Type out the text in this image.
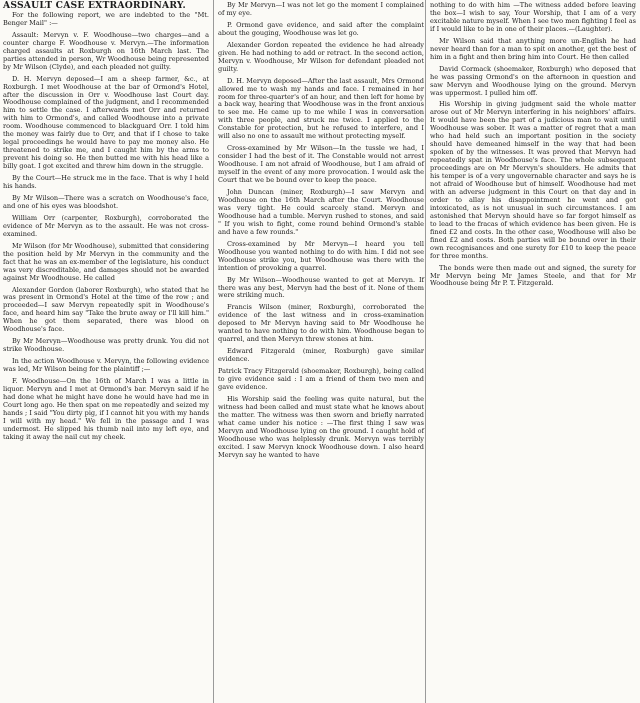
ASSAULT CASE EXTRAORDINARY.

For the following report, we are indebted to the "Mt. Benger Mail" :—

Assault: Mervyn v. F. Woodhouse—two charges—and a counter charge F. Woodhouse v. Mervyn.—The information charged assaults at Roxburgh on 16th March last. The parties attended in person, Wr Woodhouse being represented by Mr Wilson (Clyde), and each pleaded not guilty.

D. H. Mervyn deposed—I am a sheep farmer, &c., at Roxburgh. I met Woodhouse at the bar of Ormond's Hotel, after the discussion in Orr v. Woodhouse last Court day. Woodhouse complained of the judgment, and I recommended him to settle the case. I afterwards met Orr and returned with him to Ormond's, and called Woodhouse into a private room. Woodhouse commenced to blackguard Orr. I told him the money was fairly due to Orr, and that if I chose to take legal proceedings he would have to pay me money also. He threatened to strike me, and I caught him by the arms to prevent his doing so. He then butted me with his head like a billy goat. I got excited and threw him down in the struggle.

By the Court—He struck me in the face. That is why I held his hands.

By Mr Wilson—There was a scratch on Woodhouse's face, and one of his eyes was bloodshot.

William Orr (carpenter, Roxburgh), corroborated the evidence of Mr Mervyn as to the assault. He was not cross-examined.

Mr Wilson (for Mr Woodhouse), submitted that considering the position held by Mr Mervyn in the community and the fact that he was an ex-member of the legislature, his conduct was very discreditable, and damages should not be awarded against Mr Woodhouse. He called

Alexander Gordon (laborer Roxburgh), who stated that he was present in Ormond's Hotel at the time of the row ; and proceeded—I saw Mervyn repeatedly spit in Woodhouse's face, and heard him say "Take the brute away or I'll kill him." When he got them separated, there was blood on Woodhouse's face.

By Mr Mervyn—Woodhouse was pretty drunk. You did not strike Woodhouse.

In the action Woodhouse v. Mervyn, the following evidence was led, Mr Wilson being for the plaintiff ;—

F. Woodhouse—On the 16th of March I was a little in liquor. Mervyn and I met at Ormond's bar. Mervyn said if he had done what he might have done he would have had me in Court long ago. He then spat on me repeatedly and seized my hands ; I said "You dirty pig, if I cannot hit you with my hands I will with my head." We fell in the passage and I was undermost. He slipped his thumb nail into my left eye, and taking it away the nail cut my cheek.

By Mr Mervyn—I was not let go the moment I complained of my eye.

P. Ormond gave evidence, and said after the complaint about the gouging, Woodhouse was let go.

Alexander Gordon repeated the evidence he had already given. He had nothing to add or retract. In the second action, Mervyn v. Woodhouse, Mr Wilson for defendant pleaded not guilty.

D. H. Mervyn deposed—After the last assault, Mrs Ormond allowed me to wash my hands and face. I remained in her room for three-quarter's of an hour, and then left for home by a back way, hearing that Woodhouse was in the front anxious to see me. He came up to me while I was in conversation with three people, and struck me twice. I applied to the Constable for protection, but he refused to interfere, and I will also no one to assault me without protecting myself.

Cross-examined by Mr Wilson—In the tussle we had, I consider I had the best of it. The Constable would not arrest Woodhouse. I am not afraid of Woodhouse, but I am afraid of myself in the event of any more provocation. I would ask the Court that we be bound over to keep the peace.

John Duncan (miner, Roxburgh)—I saw Mervyn and Woodhouse on the 16th March after the Court. Woodhouse was very tight. He could scarcely stand. Mervyn and Woodhouse had a tumble. Mervyn rushed to stones, and said " If you wish to fight, come round behind Ormond's stable and have a few rounds."

Cross-examined by Mr Mervyn—I heard you tell Woodhouse you wanted nothing to do with him. I did not see Woodhouse strike you, but Woodhouse was there with the intention of provoking a quarrel.

By Mr Wilson—Woodhouse wanted to get at Mervyn. If there was any best, Mervyn had the best of it. None of them were striking much.

Francis Wilson (miner, Roxburgh), corroborated the evidence of the last witness and in cross-examination deposed to Mr Mervyn having said to Mr Woodhouse he wanted to have nothing to do with him. Woodhouse began to quarrel, and then Mervyn threw stones at him.

Edward Fitzgerald (miner, Roxburgh) gave similar evidence.

Patrick Tracy Fitzgerald (shoemaker, Roxburgh), being called to give evidence said : I am a friend of them two men and gave evidence.

His Worship said the feeling was quite natural, but the witness had been called and must state what he knows about the matter. The witness was then sworn and briefly narrated what came under his notice : —The first thing I saw was Mervyn and Woodhouse lying on the ground. I caught hold of Woodhouse who was helplessly drunk. Mervyn was terribly excited. I saw Mervyn knock Woodhouse down. I also heard Mervyn say he wanted to have

nothing to do with him —The witness added before leaving the box—I wish to say, Your Worship, that I am of a very excitable nature myself. When I see two men fighting I feel as if I would like to be in one of their places.—(Laughter).

Mr Wilson said that anything more un-English he had never heard than for a man to spit on another, get the best of him in a fight and then bring him into Court. He then called

David Cormack (shoemaker, Roxburgh) who deposed that he was passing Ormond's on the afternoon in question and saw Mervyn and Woodhouse lying on the ground. Mervyn was uppermost. I pulled him off.

His Worship in giving judgment said the whole matter arose out of Mr Mervyn interfering in his neighbors' affairs. It would have been the part of a judicious man to wait until Woodhouse was sober. It was a matter of regret that a man who had held such an important position in the society should have demeaned himself in the way that had been spoken of by the witnesses. It was proved that Mervyn had repeatedly spat in Woodhouse's face. The whole subsequent proceedings are on Mr Mervyn's shoulders. He admits that his temper is of a very ungovernable character and says he is not afraid of Woodhouse but of himself. Woodhouse had met with an adverse judgment in this Court on that day and in order to allay his disappointment he went and got intoxicated, as is not unusual in such circumstances. I am astonished that Mervyn should have so far forgot himself as to lead to the fracas of which evidence has been given. He is fined £2 and costs. In the other case, Woodhouse will also be fined £2 and costs. Both parties will be bound over in their own recognisances and one surety for £10 to keep the peace for three months.

The bonds were then made out and signed, the surety for Mr Mervyn being Mr James Steele, and that for Mr Woodhouse being Mr P. T. Fitzgerald.
